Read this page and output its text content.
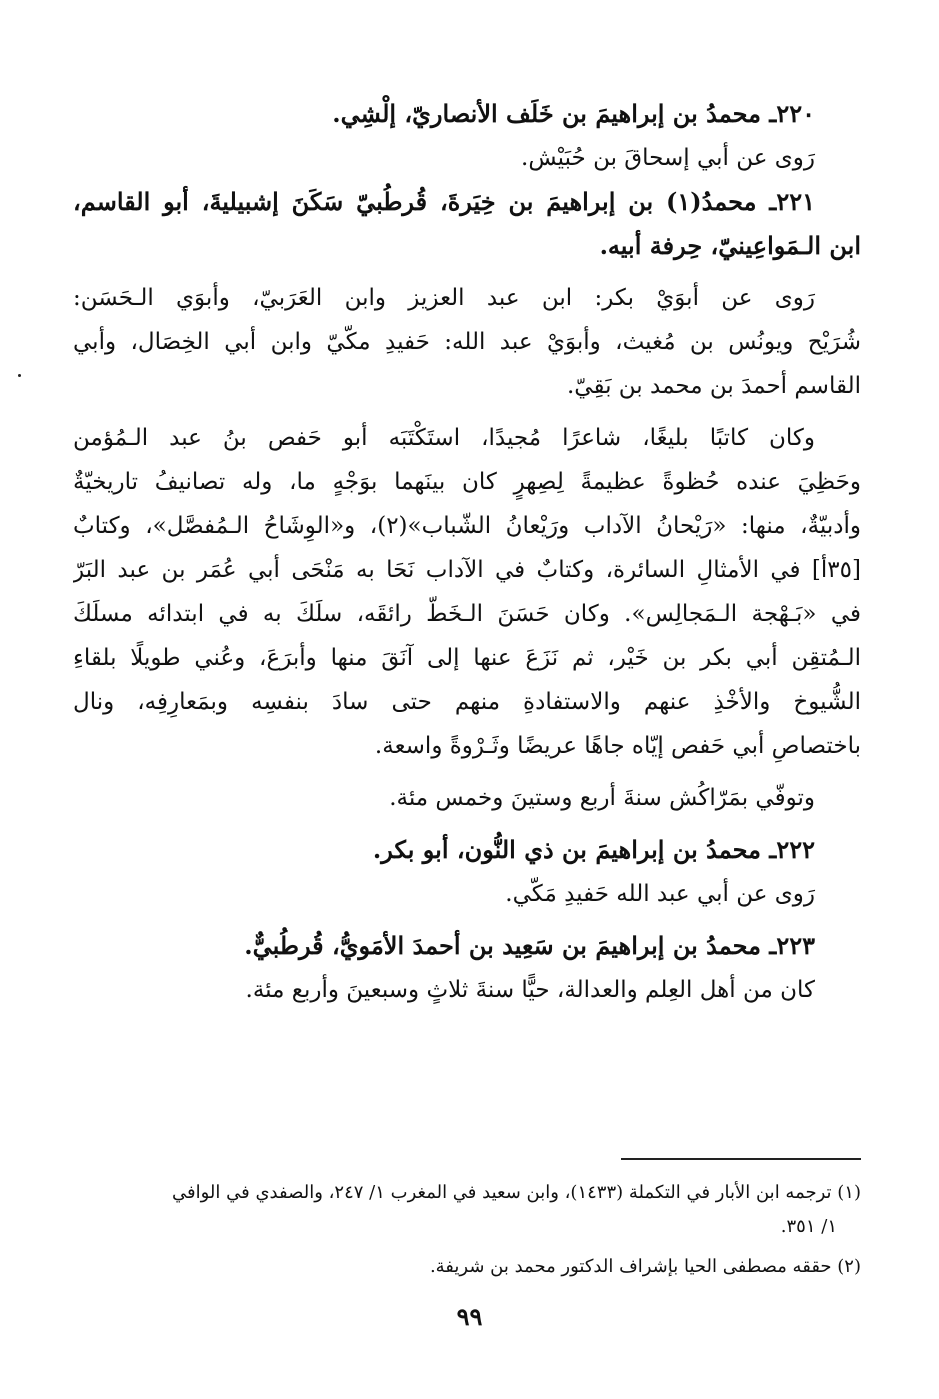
٢٢٠ـ محمدُ بن إبراهيمَ بن خَلَف الأنصاريّ، إلْشِي.
رَوى عن أبي إسحاقَ بن حُبَيْش.
٢٢١ـ محمدُ(١) بن إبراهيمَ بن خِيَرةَ، قُرطُبيّ سَكَنَ إشبيليةَ، أبو القاسم،
ابن الـمَواعِينيّ، حِرفة أبيه.
رَوى عن أبوَيْ بكر: ابن عبد العزيز وابن العَرَبيّ، وأبوَي الـحَسَن:
شُرَيْح ويونُس بن مُغيث، وأبوَيْ عبد الله: حَفيدِ مكّيّ وابن أبي الخِصَال، وأبي
القاسم أحمدَ بن محمد بن بَقِيّ.
وكان كاتبًا بليغًا، شاعرًا مُجيدًا، استَكْتَبَه أبو حَفص بنُ عبد الـمُؤمن
وحَظِيَ عنده حُظوةً عظيمةً لِصِهرٍ كان بينَهما بوَجْهٍ ما، وله تصانيفُ تاريخيّةٌ
وأدبيّةٌ، منها: «رَيْحانُ الآداب ورَيْعانُ الشّباب»(٢)، و«الوِشَاحُ الـمُفصَّل»، وكتابٌ
[٣٥أ] في الأمثالِ السائرة، وكتابٌ في الآداب نَحَا به مَنْحَى أبي عُمَر بن عبد البَرّ
في «بَـهْجة الـمَجالِس». وكان حَسَنَ الـخَطّ رائقَه، سلَكَ به في ابتدائه مسلَكَ
الـمُتقِن أبي بكر بن خَيْر، ثم نَزَعَ عنها إلى آنَقَ منها وأبرَعَ، وعُني طويلًا بلقاءِ
الشُّيوخ والأخْذِ عنهم والاستفادةِ منهم حتى سادَ بنفسِه وبمَعارِفِه، ونال
باختصاصِ أبي حَفص إيّاه جاهًا عريضًا وثَـرْوةً واسعة.
وتوفّي بمَرّاكُش سنةَ أربع وستينَ وخمس مئة.
٢٢٢ـ محمدُ بن إبراهيمَ بن ذي النُّون، أبو بكر.
رَوى عن أبي عبد الله حَفيدِ مَكّي.
٢٢٣ـ محمدُ بن إبراهيمَ بن سَعِيد بن أحمدَ الأمَويُّ، قُرطُبيٌّ.
كان من أهل العِلم والعدالة، حيًّا سنةَ ثلاثٍ وسبعينَ وأربع مئة.
(١) ترجمه ابن الأبار في التكملة (١٤٣٣)، وابن سعيد في المغرب ١/ ٢٤٧، والصفدي في الوافي
١/ ٣٥١.
(٢) حققه مصطفى الحيا بإشراف الدكتور محمد بن شريفة.
٩٩
